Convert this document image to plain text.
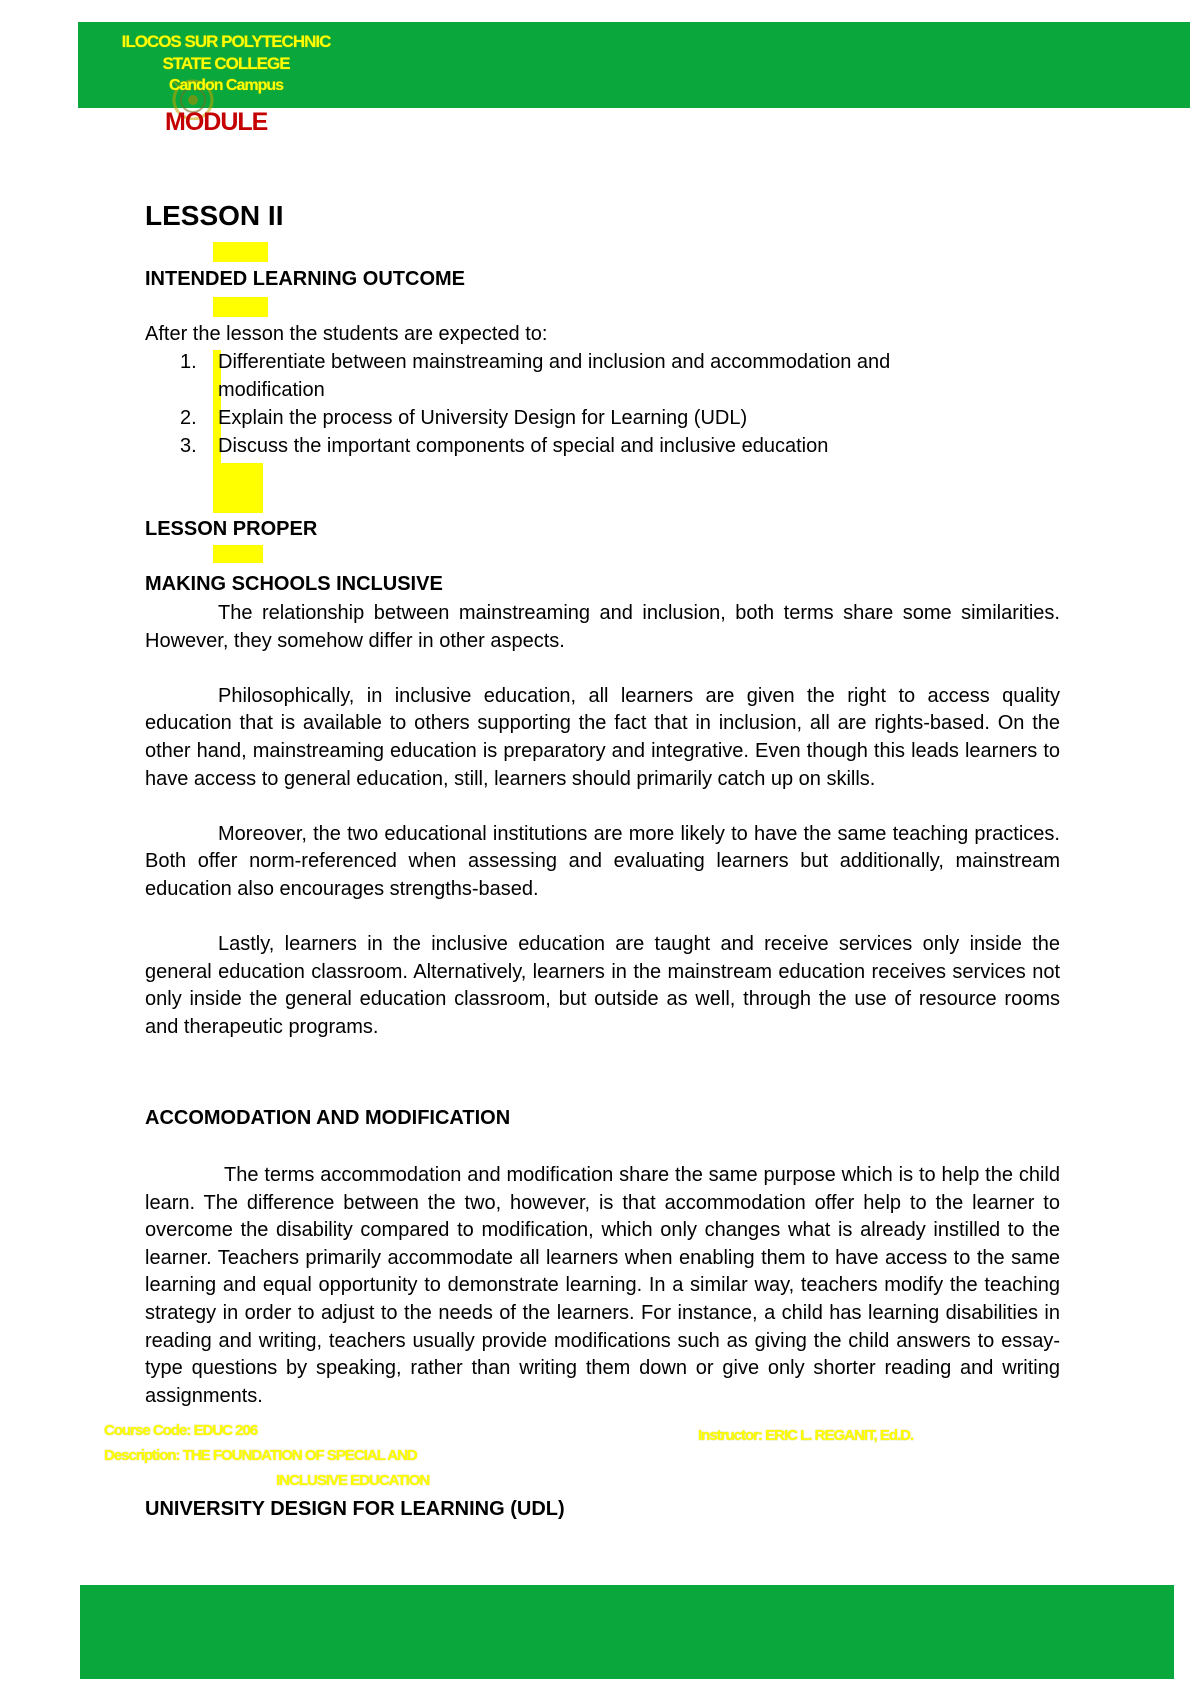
ILOCOS SUR POLYTECHNIC
STATE COLLEGE
Candon Campus
MODULE
LESSON II
INTENDED LEARNING OUTCOME
After the lesson the students are expected to:
1. Differentiate between mainstreaming and inclusion and accommodation and
modification
2. Explain the process of University Design for Learning (UDL)
3. Discuss the important components of special and inclusive education
LESSON PROPER
MAKING SCHOOLS INCLUSIVE

The relationship between mainstreaming and inclusion, both terms share some similarities. However, they somehow differ in other aspects.

Philosophically, in inclusive education, all learners are given the right to access quality education that is available to others supporting the fact that in inclusion, all are rights-based. On the other hand, mainstreaming education is preparatory and integrative. Even though this leads learners to have access to general education, still, learners should primarily catch up on skills.

Moreover, the two educational institutions are more likely to have the same teaching practices. Both offer norm-referenced when assessing and evaluating learners but additionally, mainstream education also encourages strengths-based.

Lastly, learners in the inclusive education are taught and receive services only inside the general education classroom. Alternatively, learners in the mainstream education receives services not only inside the general education classroom, but outside as well, through the use of resource rooms and therapeutic programs.

ACCOMODATION AND MODIFICATION

The terms accommodation and modification share the same purpose which is to help the child learn. The difference between the two, however, is that accommodation offer help to the learner to overcome the disability compared to modification, which only changes what is already instilled to the learner. Teachers primarily accommodate all learners when enabling them to have access to the same learning and equal opportunity to demonstrate learning. In a similar way, teachers modify the teaching strategy in order to adjust to the needs of the learners. For instance, a child has learning disabilities in reading and writing, teachers usually provide modifications such as giving the child answers to essay-type questions by speaking, rather than writing them down or give only shorter reading and writing assignments.

Course Code: EDUC 206
Description: THE FOUNDATION OF SPECIAL AND
INCLUSIVE EDUCATION
Instructor: ERIC L. REGANIT, Ed.D.
UNIVERSITY DESIGN FOR LEARNING (UDL)
